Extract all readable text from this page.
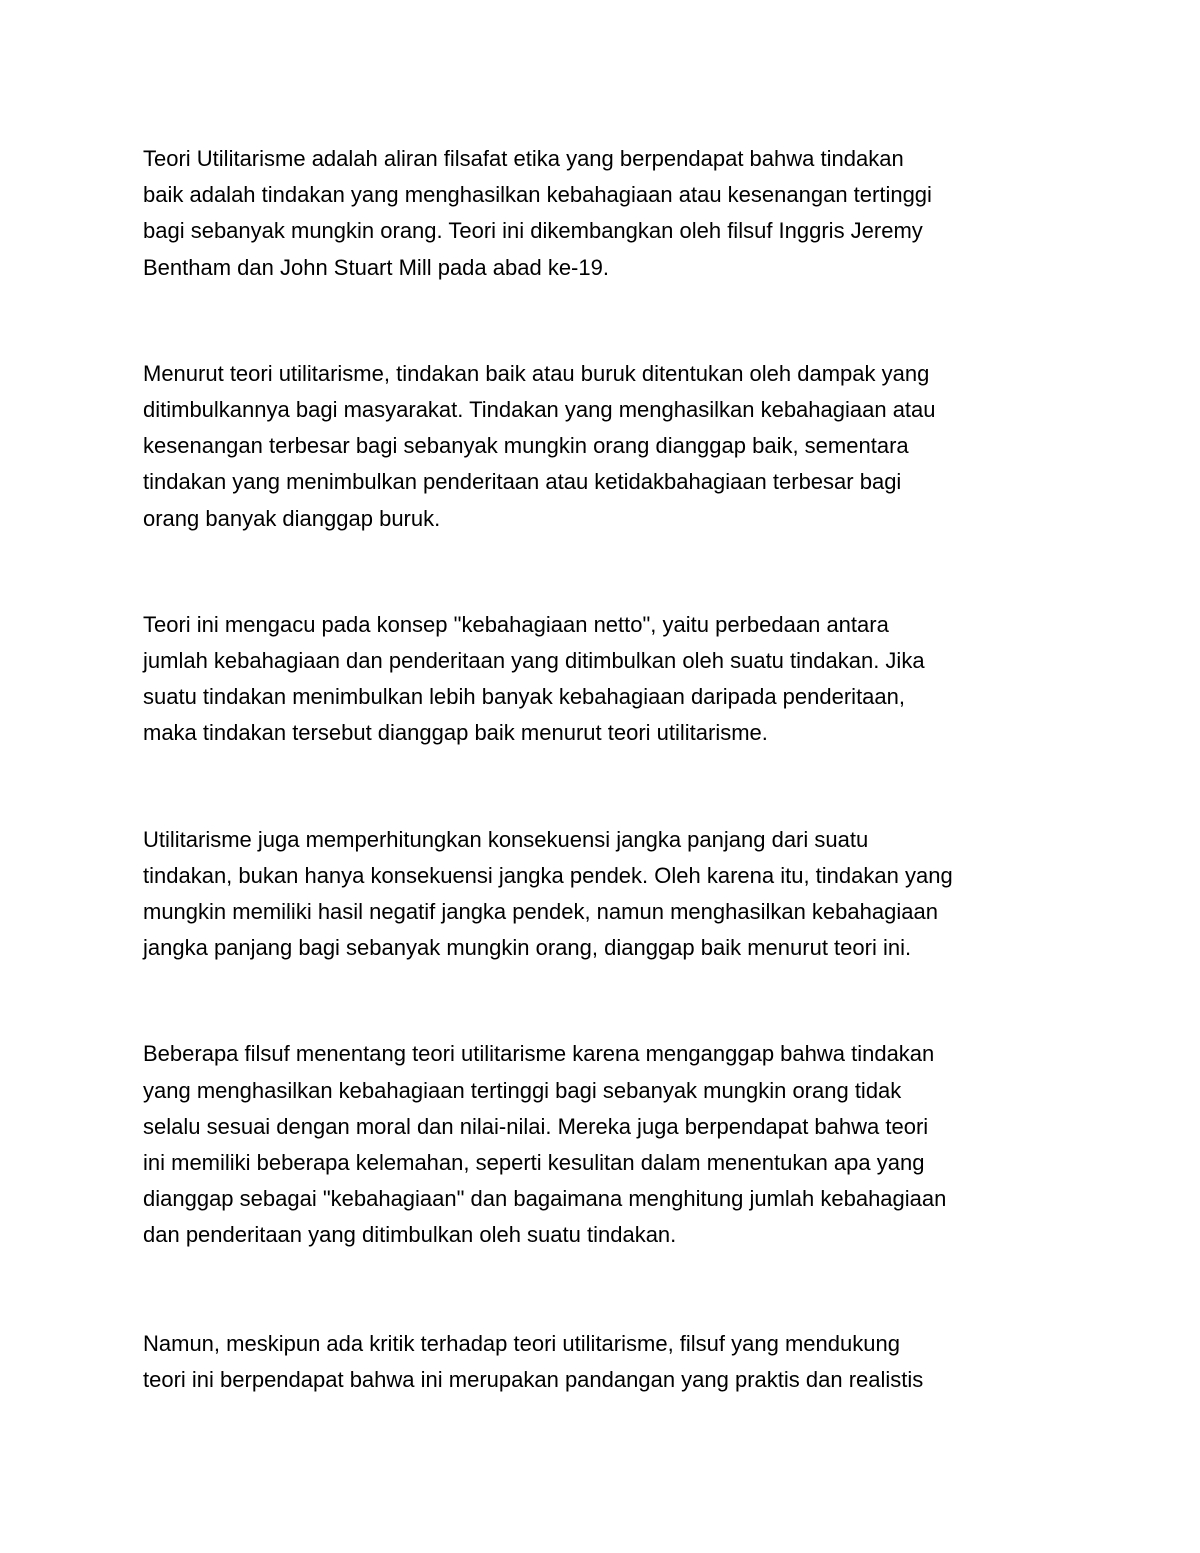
Teori Utilitarisme adalah aliran filsafat etika yang berpendapat bahwa tindakan
baik adalah tindakan yang menghasilkan kebahagiaan atau kesenangan tertinggi
bagi sebanyak mungkin orang. Teori ini dikembangkan oleh filsuf Inggris Jeremy
Bentham dan John Stuart Mill pada abad ke-19.
Menurut teori utilitarisme, tindakan baik atau buruk ditentukan oleh dampak yang
ditimbulkannya bagi masyarakat. Tindakan yang menghasilkan kebahagiaan atau
kesenangan terbesar bagi sebanyak mungkin orang dianggap baik, sementara
tindakan yang menimbulkan penderitaan atau ketidakbahagiaan terbesar bagi
orang banyak dianggap buruk.
Teori ini mengacu pada konsep "kebahagiaan netto", yaitu perbedaan antara
jumlah kebahagiaan dan penderitaan yang ditimbulkan oleh suatu tindakan. Jika
suatu tindakan menimbulkan lebih banyak kebahagiaan daripada penderitaan,
maka tindakan tersebut dianggap baik menurut teori utilitarisme.
Utilitarisme juga memperhitungkan konsekuensi jangka panjang dari suatu
tindakan, bukan hanya konsekuensi jangka pendek. Oleh karena itu, tindakan yang
mungkin memiliki hasil negatif jangka pendek, namun menghasilkan kebahagiaan
jangka panjang bagi sebanyak mungkin orang, dianggap baik menurut teori ini.
Beberapa filsuf menentang teori utilitarisme karena menganggap bahwa tindakan
yang menghasilkan kebahagiaan tertinggi bagi sebanyak mungkin orang tidak
selalu sesuai dengan moral dan nilai-nilai. Mereka juga berpendapat bahwa teori
ini memiliki beberapa kelemahan, seperti kesulitan dalam menentukan apa yang
dianggap sebagai "kebahagiaan" dan bagaimana menghitung jumlah kebahagiaan
dan penderitaan yang ditimbulkan oleh suatu tindakan.
Namun, meskipun ada kritik terhadap teori utilitarisme, filsuf yang mendukung
teori ini berpendapat bahwa ini merupakan pandangan yang praktis dan realistis
